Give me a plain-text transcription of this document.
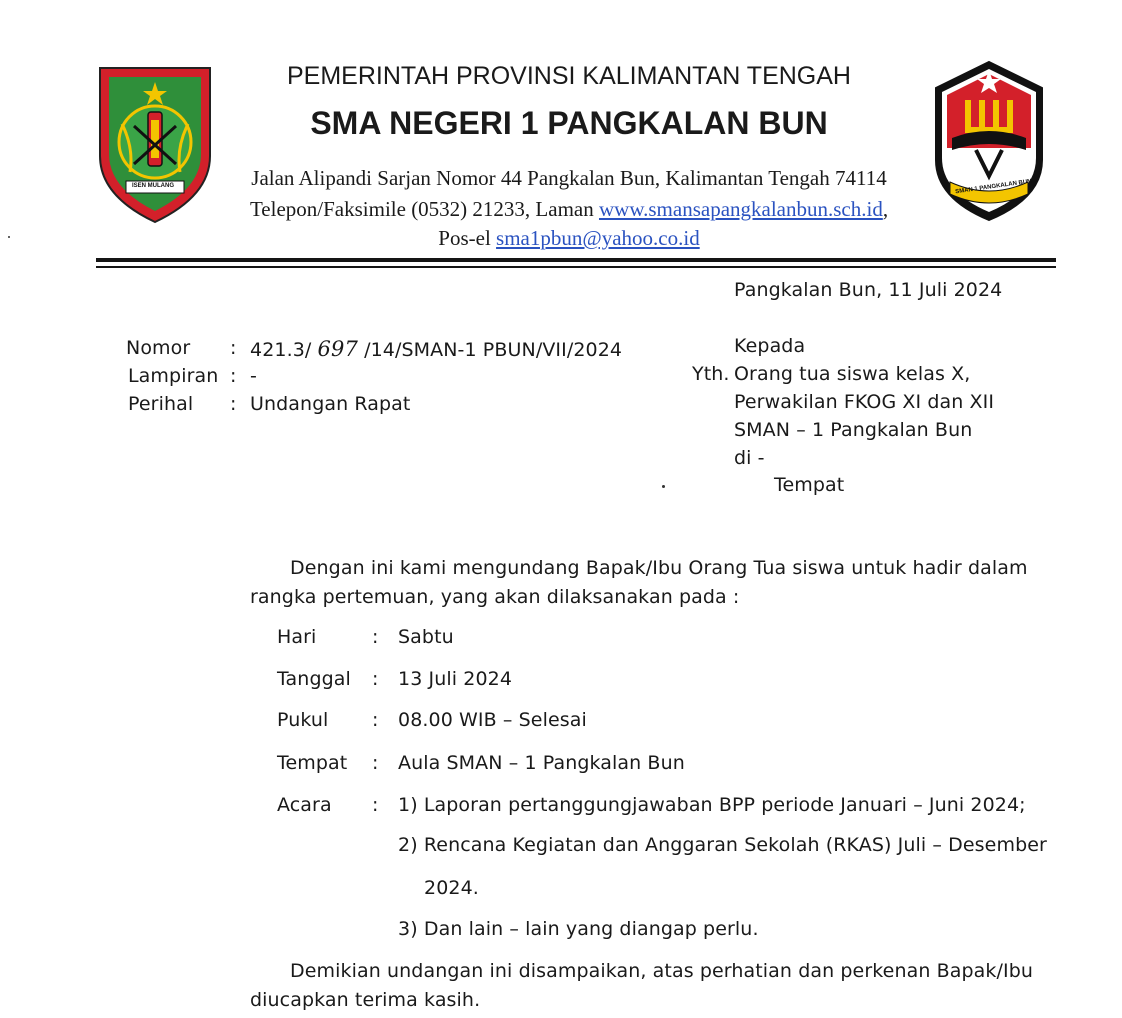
ISEN MULANG	SMAN 1 PANGKALAN BUN
PEMERINTAH PROVINSI KALIMANTAN TENGAH
SMA NEGERI 1 PANGKALAN BUN
Jalan Alipandi Sarjan Nomor 44 Pangkalan Bun, Kalimantan Tengah 74114
Telepon/Faksimile (0532) 21233, Laman www.smansapangkalanbun.sch.id,
Pos-el sma1pbun@yahoo.co.id
Pangkalan Bun, 11 Juli 2024
Nomor : 421.3/ 697 /14/SMAN-1 PBUN/VII/2024
Lampiran : -
Perihal : Undangan Rapat
Kepada
Yth. Orang tua siswa kelas X,
Perwakilan FKOG XI dan XII
SMAN – 1 Pangkalan Bun
di -
Tempat
Dengan ini kami mengundang Bapak/Ibu Orang Tua siswa untuk hadir dalam
rangka pertemuan, yang akan dilaksanakan pada :
Hari	: Sabtu
Tanggal : 13 Juli 2024
Pukul : 08.00 WIB – Selesai
Tempat : Aula SMAN – 1 Pangkalan Bun
Acara : 1) Laporan pertanggungjawaban BPP periode Januari – Juni 2024;
2) Rencana Kegiatan dan Anggaran Sekolah (RKAS) Juli – Desember
2024.
3) Dan lain – lain yang diangap perlu.
Demikian undangan ini disampaikan, atas perhatian dan perkenan Bapak/Ibu
diucapkan terima kasih.
